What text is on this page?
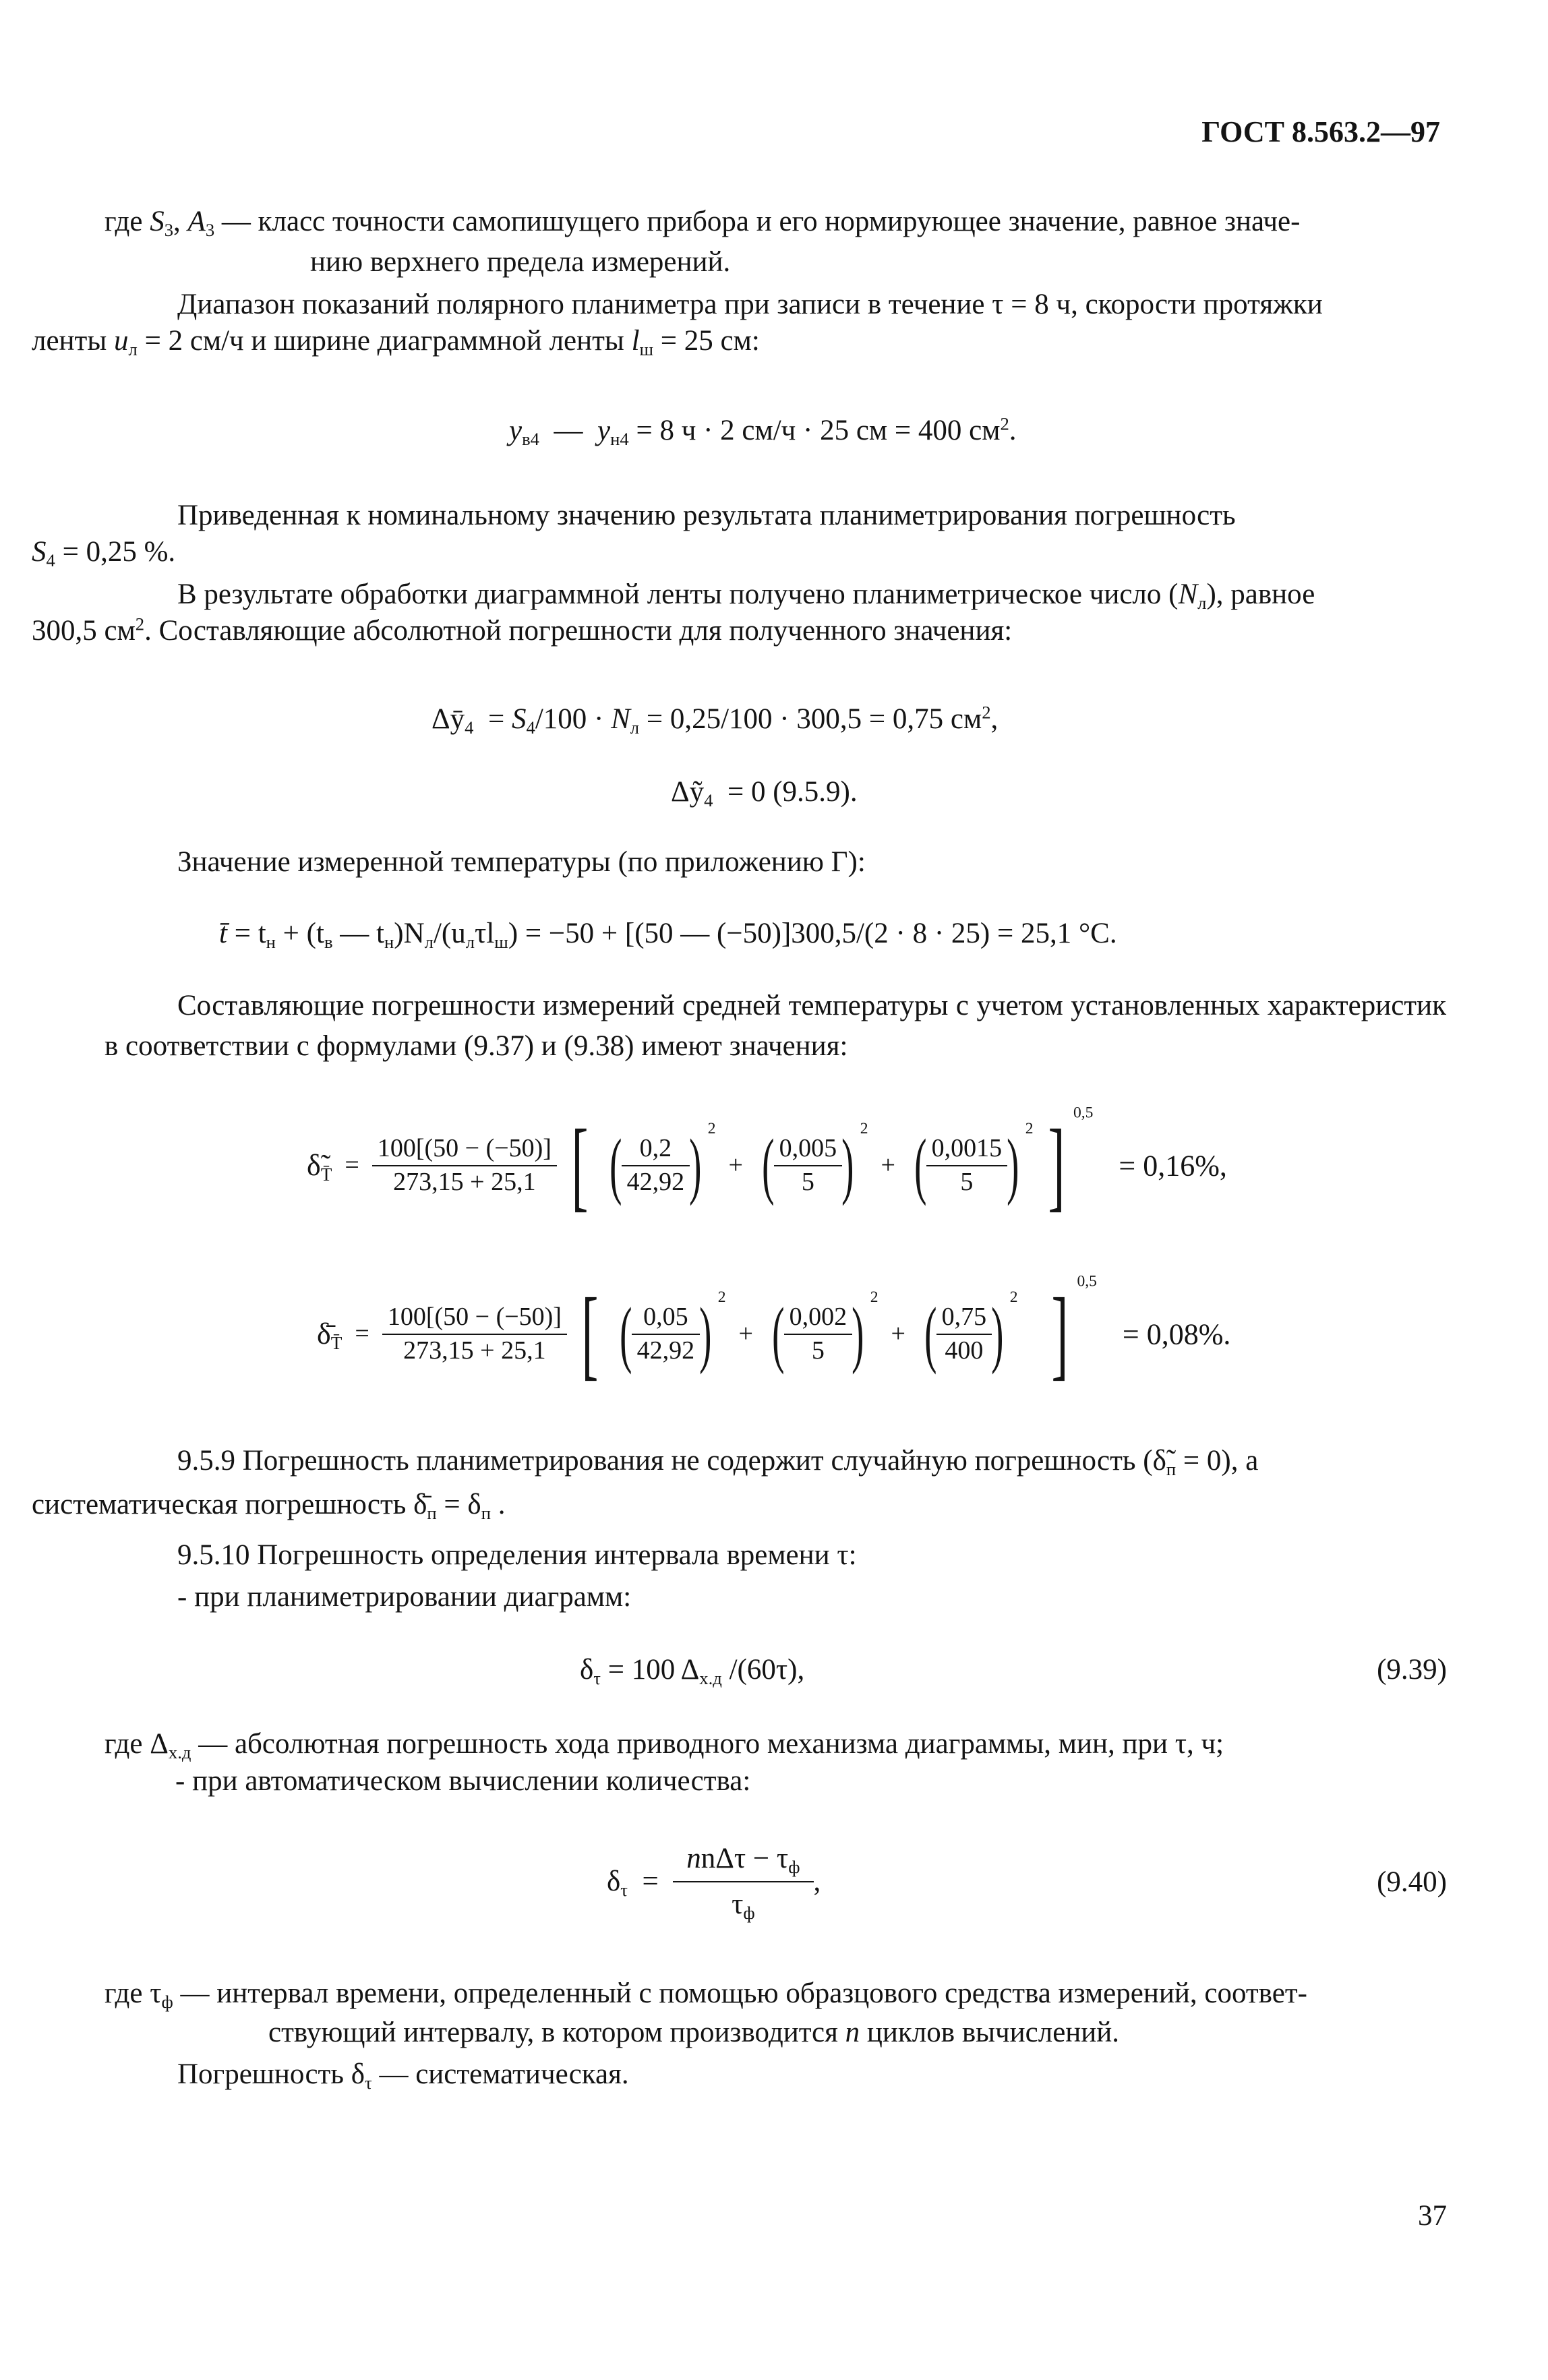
ГОСТ 8.563.2—97
где $S_3$, $A_3$ — класс точности самопишущего прибора и его нормирующее значение, равное значе-
нию верхнего предела измерений.
Диапазон показаний полярного планиметра при записи в течение τ = 8 ч, скорости протяжки
ленты $u_л = 2$ см/ч и ширине диаграммной ленты $l_ш = 25$ см:
$y_{в4}$ — $y_{н4} = 8$ ч · 2 см/ч · 25 см = 400 $см^2$.
Приведенная к номинальному значению результата планиметрирования погрешность
$S_4 = 0,25$ %.
В результате обработки диаграммной ленты получено планиметрическое число $(N_л)$, равное
300,5 $см^2$. Составляющие абсолютной погрешности для полученного значения:
$\Delta ȳ_4 = S_4/100 \cdot N_л = 0,25/100 \cdot 300,5 = 0,75$ $см^2$,
Δỹ$_4$ = 0 (9.5.9).
Значение измеренной температуры (по приложению Г):
t̄ = $t_н + (t_в$ — $t_н)N_л/(u_л\tau l_ш) = -50 + [(50$ — (−50)]300,5/(2 · 8 · 25) = 25,1 °C.
Составляющие погрешности измерений средней температуры с учетом установленных характеристик в соответствии с формулами (9.37) и (9.38) имеют значения:
$\deltã_{T̄} = \frac{100[(50 - (-50)]}{273,15 + 25,1}$ [ ( $\frac{0,2}{42,92}$ ) $^2$  + ( $\frac{0,005}{5}$ ) $^2$  + ( $\frac{0,0015}{5}$ ) $^2$ ] $^{0,5}$    = 0,16%,
$\deltā_{T̄} = \frac{100[(50 - (-50)]}{273,15 + 25,1}$ [ ( $\frac{0,05}{42,92}$ ) $^2$  + ( $\frac{0,002}{5}$ ) $^2$  + ( $\frac{0,75}{400}$ ) $^2$ ] $^{0,5}$    = 0,08%.
9.5.9 Погрешность планиметрирования не содержит случайную погрешность $(\deltã_п = 0)$, а
систематическая погрешность $\deltā_п = \delta_п$ .
9.5.10 Погрешность определения интервала времени τ:
- при планиметрировании диаграмм:
$\delta_\tau = 100$ $\Delta_{х.д}$ /(60τ),	(9.39)
где $\Delta_{х.д}$ — абсолютная погрешность хода приводного механизма диаграммы, мин, при τ, ч;
- при автоматическом вычислении количества:
$\delta_\tau = \frac{nn\Delta\tau - \tau_ф}{\tau_ф}$ ,	(9.40)
где $\tau_ф$ — интервал времени, определенный с помощью образцового средства измерений, соответ-
ствующий интервалу, в котором производится n циклов вычислений.
Погрешность $\delta_\tau$ — систематическая.
37
